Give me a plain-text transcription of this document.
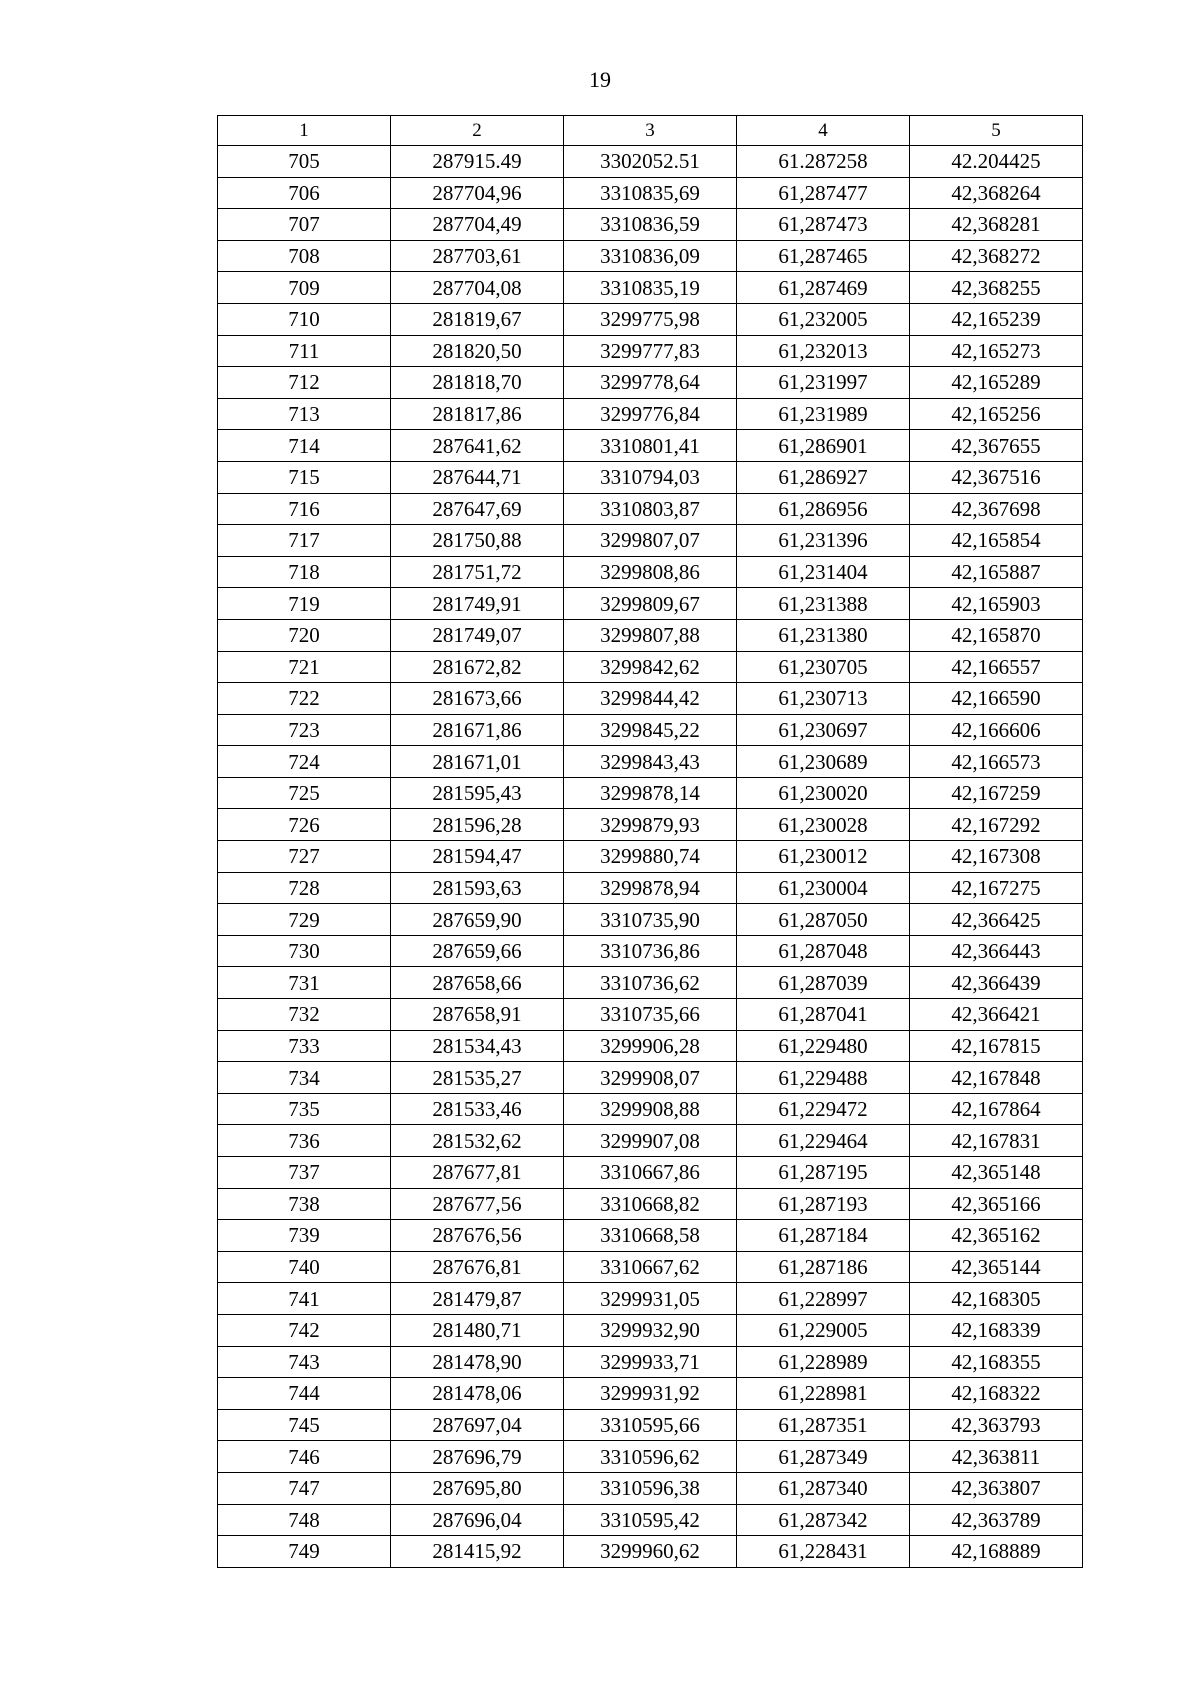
19
1	2	3	4	5
705	287915.49	3302052.51	61.287258	42.204425
706	287704,96	3310835,69	61,287477	42,368264
707	287704,49	3310836,59	61,287473	42,368281
708	287703,61	3310836,09	61,287465	42,368272
709	287704,08	3310835,19	61,287469	42,368255
710	281819,67	3299775,98	61,232005	42,165239
711	281820,50	3299777,83	61,232013	42,165273
712	281818,70	3299778,64	61,231997	42,165289
713	281817,86	3299776,84	61,231989	42,165256
714	287641,62	3310801,41	61,286901	42,367655
715	287644,71	3310794,03	61,286927	42,367516
716	287647,69	3310803,87	61,286956	42,367698
717	281750,88	3299807,07	61,231396	42,165854
718	281751,72	3299808,86	61,231404	42,165887
719	281749,91	3299809,67	61,231388	42,165903
720	281749,07	3299807,88	61,231380	42,165870
721	281672,82	3299842,62	61,230705	42,166557
722	281673,66	3299844,42	61,230713	42,166590
723	281671,86	3299845,22	61,230697	42,166606
724	281671,01	3299843,43	61,230689	42,166573
725	281595,43	3299878,14	61,230020	42,167259
726	281596,28	3299879,93	61,230028	42,167292
727	281594,47	3299880,74	61,230012	42,167308
728	281593,63	3299878,94	61,230004	42,167275
729	287659,90	3310735,90	61,287050	42,366425
730	287659,66	3310736,86	61,287048	42,366443
731	287658,66	3310736,62	61,287039	42,366439
732	287658,91	3310735,66	61,287041	42,366421
733	281534,43	3299906,28	61,229480	42,167815
734	281535,27	3299908,07	61,229488	42,167848
735	281533,46	3299908,88	61,229472	42,167864
736	281532,62	3299907,08	61,229464	42,167831
737	287677,81	3310667,86	61,287195	42,365148
738	287677,56	3310668,82	61,287193	42,365166
739	287676,56	3310668,58	61,287184	42,365162
740	287676,81	3310667,62	61,287186	42,365144
741	281479,87	3299931,05	61,228997	42,168305
742	281480,71	3299932,90	61,229005	42,168339
743	281478,90	3299933,71	61,228989	42,168355
744	281478,06	3299931,92	61,228981	42,168322
745	287697,04	3310595,66	61,287351	42,363793
746	287696,79	3310596,62	61,287349	42,363811
747	287695,80	3310596,38	61,287340	42,363807
748	287696,04	3310595,42	61,287342	42,363789
749	281415,92	3299960,62	61,228431	42,168889
